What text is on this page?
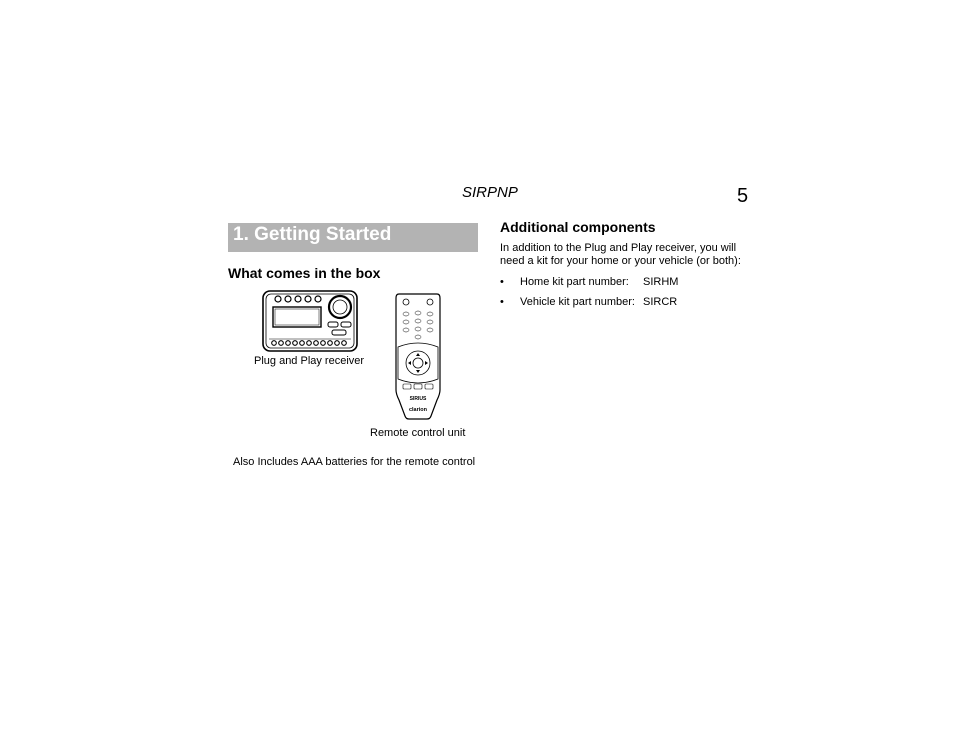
SIRPNP	5
1. Getting Started
What comes in the box
Plug and Play receiver
SIRIUS
clarion
Remote control unit
Also Includes AAA batteries for the remote control
Additional components
In addition to the Plug and Play receiver, you will need a kit for your home or your vehicle (or both):
• Home kit part number: SIRHM
• Vehicle kit part number: SIRCR
